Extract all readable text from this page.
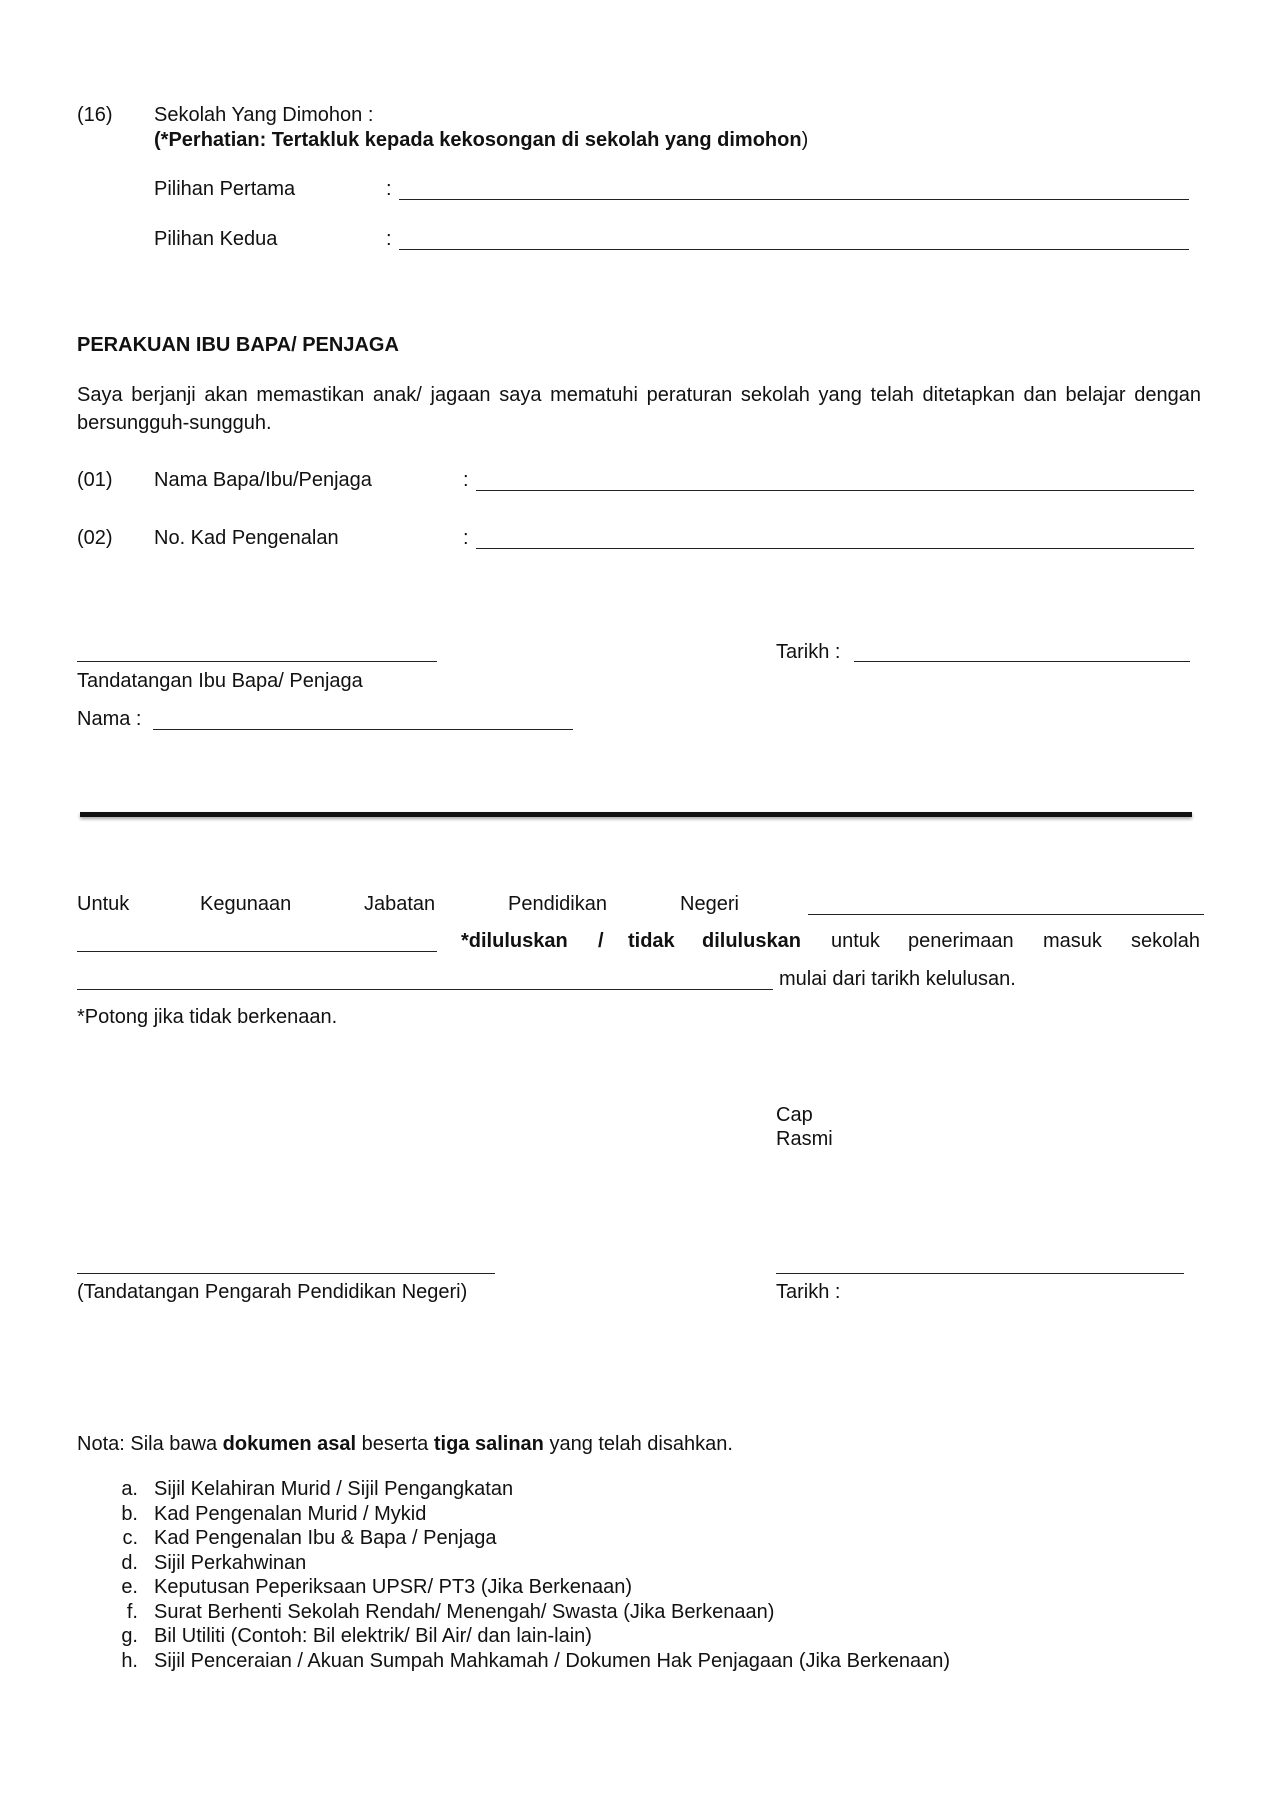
(16) Sekolah Yang Dimohon :
(*Perhatian: Tertakluk kepada kekosongan di sekolah yang dimohon)
Pilihan Pertama	:
Pilihan Kedua	:
PERAKUAN IBU BAPA/ PENJAGA
Saya berjanji akan memastikan anak/ jagaan saya mematuhi peraturan sekolah yang telah ditetapkan dan belajar dengan bersungguh-sungguh.
(01) Nama Bapa/Ibu/Penjaga	:
(02) No. Kad Pengenalan	:
Tarikh :
Tandatangan Ibu Bapa/ Penjaga
Nama :
Untuk	Kegunaan	Jabatan	Pendidikan	Negeri
*diluluskan / tidak diluluskan untuk penerimaan masuk sekolah
mulai dari tarikh kelulusan.
*Potong jika tidak berkenaan.
Cap
Rasmi
(Tandatangan Pengarah Pendidikan Negeri)	Tarikh :
Nota: Sila bawa dokumen asal beserta tiga salinan yang telah disahkan.
a. Sijil Kelahiran Murid / Sijil Pengangkatan
b. Kad Pengenalan Murid / Mykid
c. Kad Pengenalan Ibu & Bapa / Penjaga
d. Sijil Perkahwinan
e. Keputusan Peperiksaan UPSR/ PT3 (Jika Berkenaan)
f. Surat Berhenti Sekolah Rendah/ Menengah/ Swasta (Jika Berkenaan)
g. Bil Utiliti (Contoh: Bil elektrik/ Bil Air/ dan lain-lain)
h. Sijil Penceraian / Akuan Sumpah Mahkamah / Dokumen Hak Penjagaan (Jika Berkenaan)
